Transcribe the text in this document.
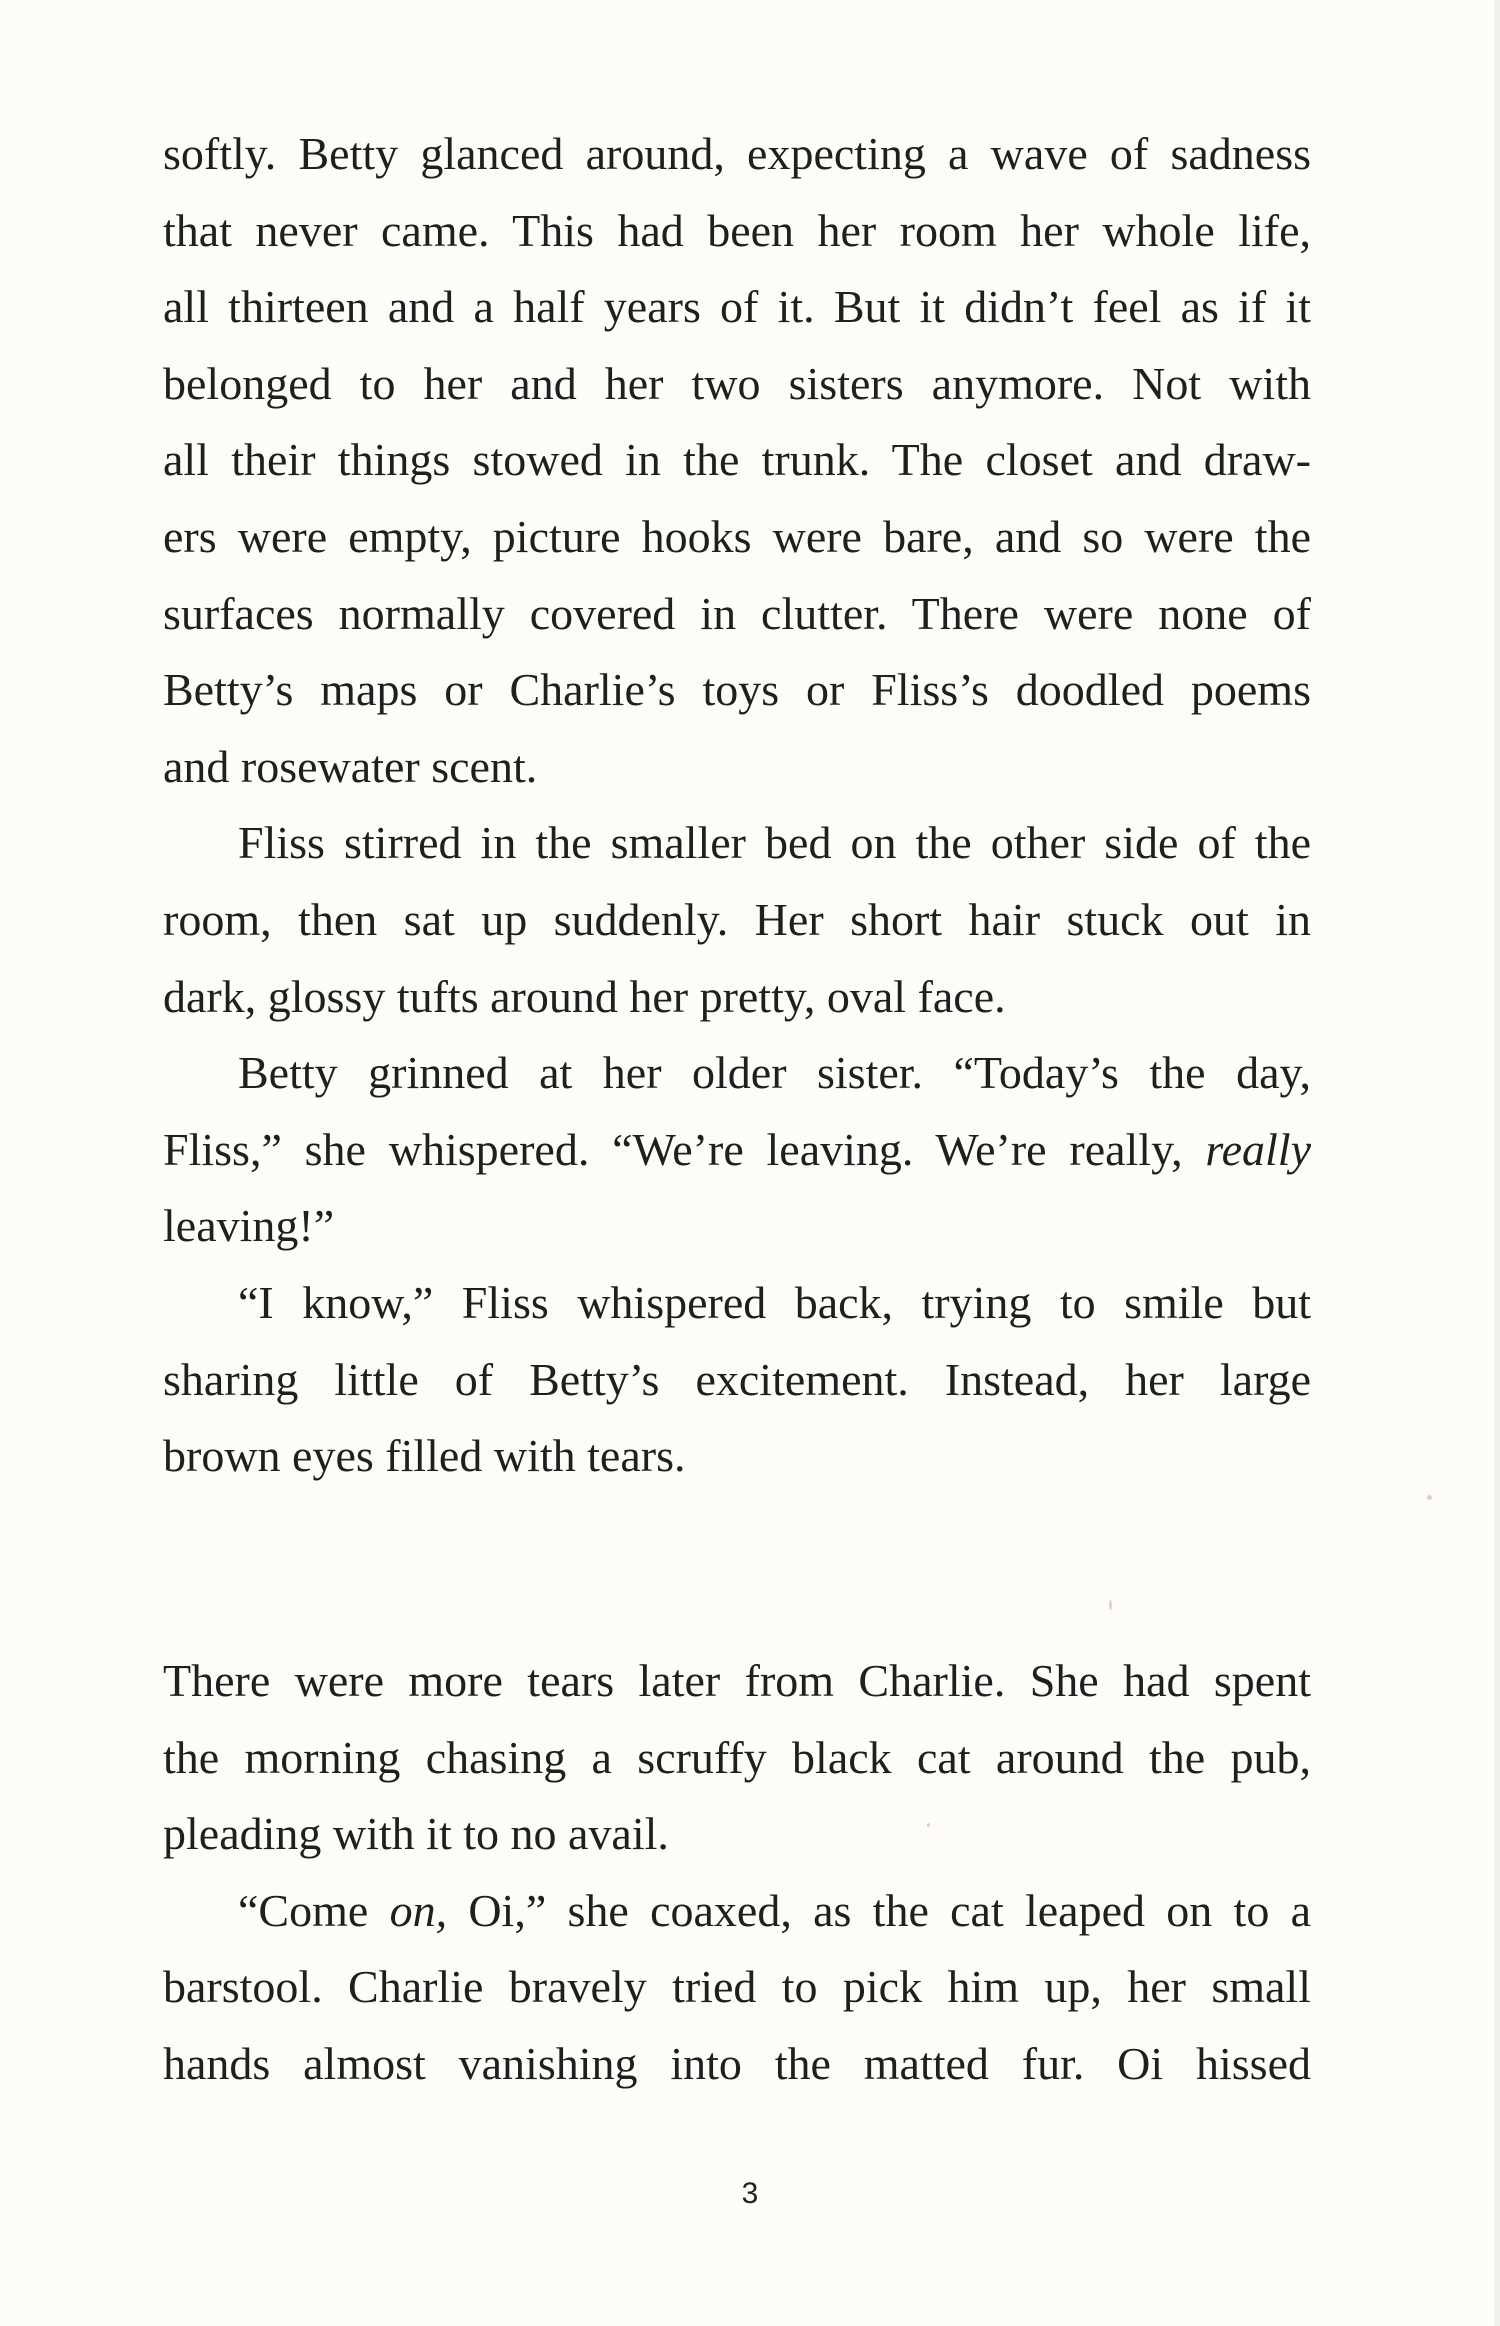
softly. Betty glanced around, expecting a wave of sadness
that never came. This had been her room her whole life,
all thirteen and a half years of it. But it didn’t feel as if it
belonged to her and her two sisters anymore. Not with
all their things stowed in the trunk. The closet and draw-
ers were empty, picture hooks were bare, and so were the
surfaces normally covered in clutter. There were none of
Betty’s maps or Charlie’s toys or Fliss’s doodled poems
and rosewater scent.
Fliss stirred in the smaller bed on the other side of the
room, then sat up suddenly. Her short hair stuck out in
dark, glossy tufts around her pretty, oval face.
Betty grinned at her older sister. “Today’s the day,
Fliss,” she whispered. “We’re leaving. We’re really, really
leaving!”
“I know,” Fliss whispered back, trying to smile but
sharing little of Betty’s excitement. Instead, her large
brown eyes filled with tears.
There were more tears later from Charlie. She had spent
the morning chasing a scruffy black cat around the pub,
pleading with it to no avail.
“Come on, Oi,” she coaxed, as the cat leaped on to a
barstool. Charlie bravely tried to pick him up, her small
hands almost vanishing into the matted fur. Oi hissed
3
